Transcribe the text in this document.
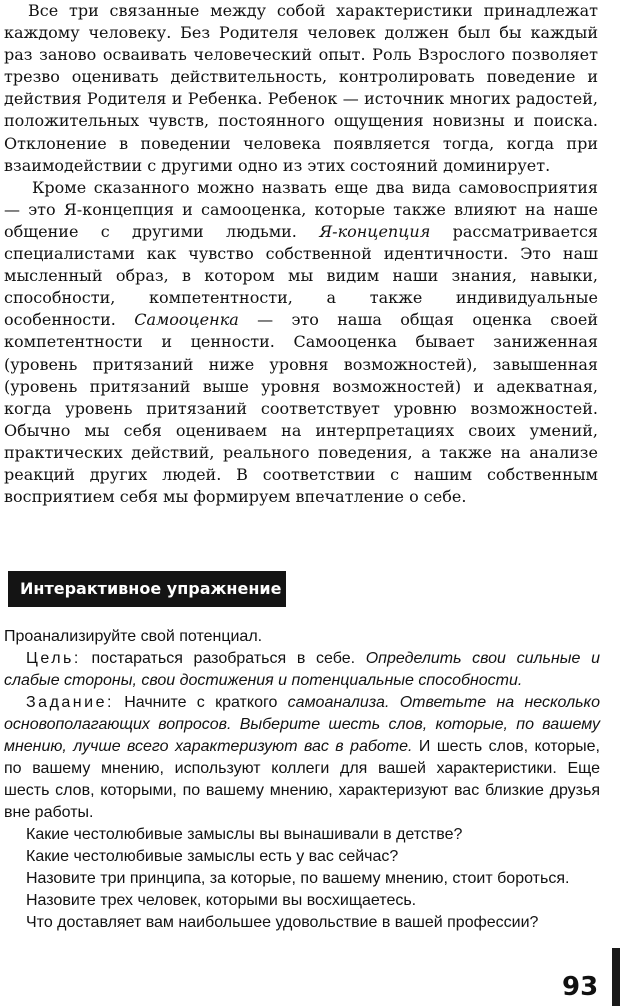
Все три связанные между собой характеристики принадлежат каждому человеку. Без Родителя человек должен был бы каждый раз заново осваивать человеческий опыт. Роль Взрослого позволяет трезво оценивать действительность, контролировать поведение и действия Родителя и Ребенка. Ребенок — источник многих радостей, положительных чувств, постоянного ощущения новизны и поиска. Отклонение в поведении человека появляется тогда, когда при взаимодействии с другими одно из этих состояний доминирует.

Кроме сказанного можно назвать еще два вида самовосприятия — это Я-концепция и самооценка, которые также влияют на наше общение с другими людьми. Я-концепция рассматривается специалистами как чувство собственной идентичности. Это наш мысленный образ, в котором мы видим наши знания, навыки, способности, компетентности, а также индивидуальные особенности. Самооценка — это наша общая оценка своей компетентности и ценности. Самооценка бывает заниженная (уровень притязаний ниже уровня возможностей), завышенная (уровень притязаний выше уровня возможностей) и адекватная, когда уровень притязаний соответствует уровню возможностей. Обычно мы себя оцениваем на интерпретациях своих умений, практических действий, реального поведения, а также на анализе реакций других людей. В соответствии с нашим собственным восприятием себя мы формируем впечатление о себе.

Интерактивное упражнение

Проанализируйте свой потенциал.

Цель: постараться разобраться в себе. Определить свои сильные и слабые стороны, свои достижения и потенциальные способности.

Задание: Начните с краткого самоанализа. Ответьте на несколько основополагающих вопросов. Выберите шесть слов, которые, по вашему мнению, лучше всего характеризуют вас в работе. И шесть слов, которые, по вашему мнению, используют коллеги для вашей характеристики. Еще шесть слов, которыми, по вашему мнению, характеризуют вас близкие друзья вне работы.

Какие честолюбивые замыслы вы вынашивали в детстве?

Какие честолюбивые замыслы есть у вас сейчас?

Назовите три принципа, за которые, по вашему мнению, стоит бороться.

Назовите трех человек, которыми вы восхищаетесь.

Что доставляет вам наибольшее удовольствие в вашей профессии?

93
